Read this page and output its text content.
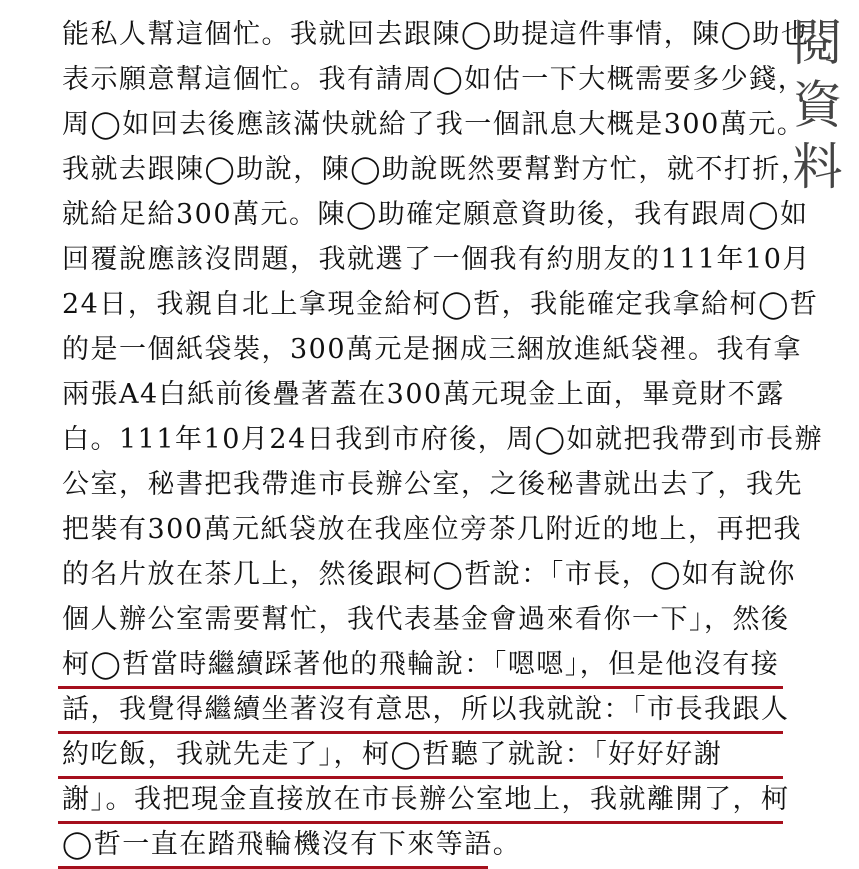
能私人幫這個忙。我就回去跟陳◯助提這件事情，陳◯助也
表示願意幫這個忙。我有請周◯如估一下大概需要多少錢，
周◯如回去後應該滿快就給了我一個訊息大概是300萬元。
我就去跟陳◯助說，陳◯助說既然要幫對方忙，就不打折，
就給足給300萬元。陳◯助確定願意資助後，我有跟周◯如
回覆說應該沒問題，我就選了一個我有約朋友的111年10月
24日，我親自北上拿現金給柯◯哲，我能確定我拿給柯◯哲
的是一個紙袋裝，300萬元是捆成三綑放進紙袋裡。我有拿
兩張A4白紙前後疊著蓋在300萬元現金上面，畢竟財不露
白。111年10月24日我到市府後，周◯如就把我帶到市長辦
公室，秘書把我帶進市長辦公室，之後秘書就出去了，我先
把裝有300萬元紙袋放在我座位旁茶几附近的地上，再把我
的名片放在茶几上，然後跟柯◯哲說：「市長，◯如有說你
個人辦公室需要幫忙，我代表基金會過來看你一下」，然後
柯◯哲當時繼續踩著他的飛輪說：「嗯嗯」，但是他沒有接
話，我覺得繼續坐著沒有意思，所以我就說：「市長我跟人
約吃飯，我就先走了」，柯◯哲聽了就說：「好好好謝
謝」。我把現金直接放在市長辦公室地上，我就離開了，柯
◯哲一直在踏飛輪機沒有下來等語。
閱
資
料
